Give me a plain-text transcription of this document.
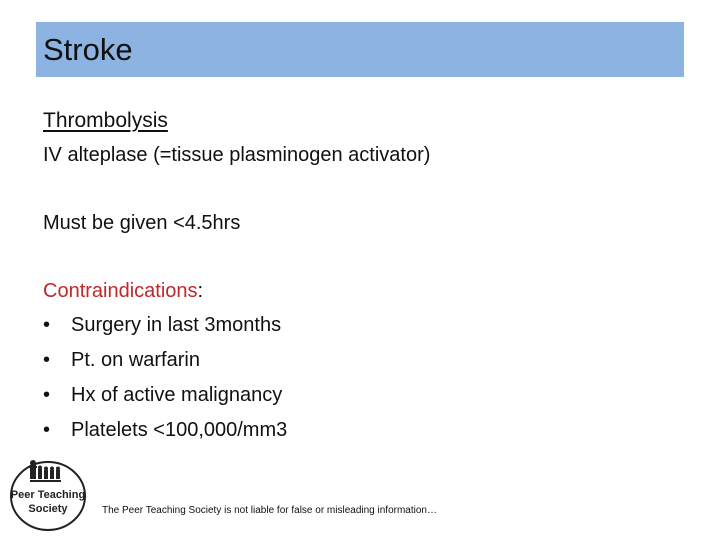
Stroke
Thrombolysis
IV alteplase (=tissue plasminogen activator)
Must be given <4.5hrs
Contraindications:
• Surgery in last 3months
• Pt. on warfarin
• Hx of active malignancy
• Platelets <100,000/mm3
Peer Teaching
Society	The Peer Teaching Society is not liable for false or misleading information…
